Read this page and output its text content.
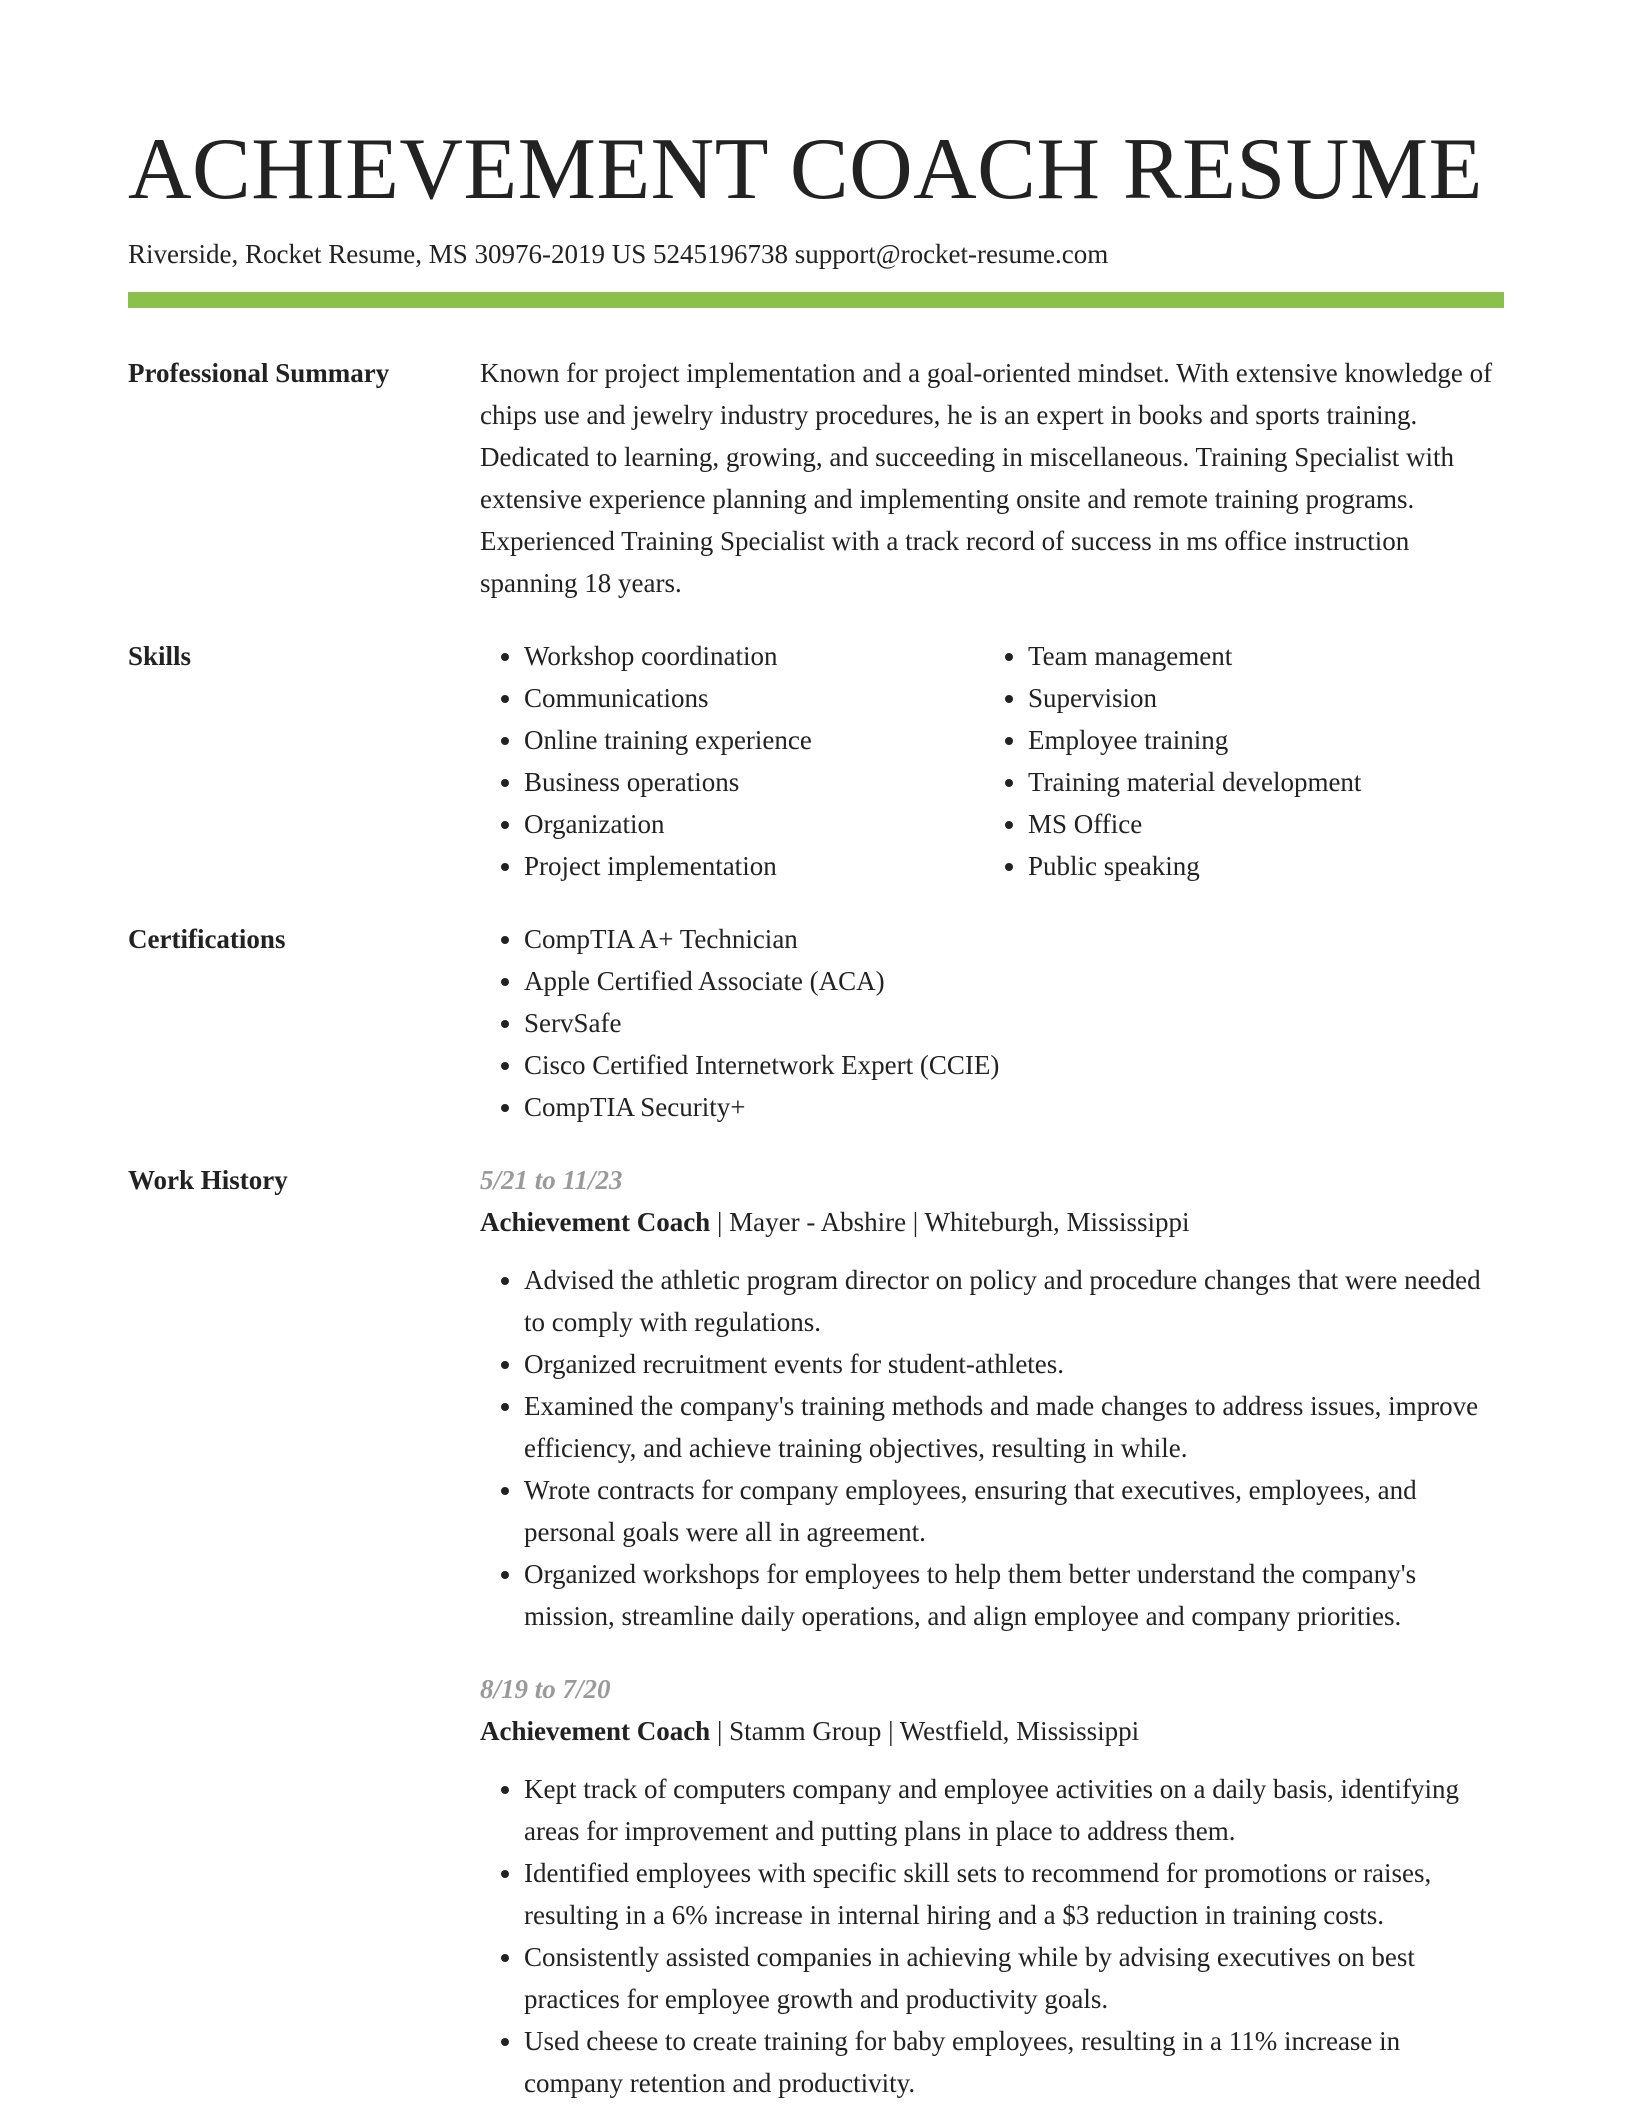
ACHIEVEMENT COACH RESUME
Riverside, Rocket Resume, MS 30976-2019 US 5245196738 support@rocket-resume.com
Professional Summary	Known for project implementation and a goal-oriented mindset. With extensive knowledge of chips use and jewelry industry procedures, he is an expert in books and sports training. Dedicated to learning, growing, and succeeding in miscellaneous. Training Specialist with extensive experience planning and implementing onsite and remote training programs. Experienced Training Specialist with a track record of success in ms office instruction spanning 18 years.

Skills	• Workshop coordination
• Communications
• Online training experience
• Business operations
• Organization
• Project implementation
• Team management
• Supervision
• Employee training
• Training material development
• MS Office
• Public speaking
Certifications	• CompTIA A+ Technician
• Apple Certified Associate (ACA)
• ServSafe
• Cisco Certified Internetwork Expert (CCIE)
• CompTIA Security+
Work History	5/21 to 11/23
Achievement Coach | Mayer - Abshire | Whiteburgh, Mississippi
• Advised the athletic program director on policy and procedure changes that were needed to comply with regulations.
• Organized recruitment events for student-athletes.
• Examined the company's training methods and made changes to address issues, improve efficiency, and achieve training objectives, resulting in while.
• Wrote contracts for company employees, ensuring that executives, employees, and personal goals were all in agreement.
• Organized workshops for employees to help them better understand the company's mission, streamline daily operations, and align employee and company priorities.
8/19 to 7/20
Achievement Coach | Stamm Group | Westfield, Mississippi
• Kept track of computers company and employee activities on a daily basis, identifying areas for improvement and putting plans in place to address them.
• Identified employees with specific skill sets to recommend for promotions or raises, resulting in a 6% increase in internal hiring and a $3 reduction in training costs.
• Consistently assisted companies in achieving while by advising executives on best practices for employee growth and productivity goals.
• Used cheese to create training for baby employees, resulting in a 11% increase in company retention and productivity.
